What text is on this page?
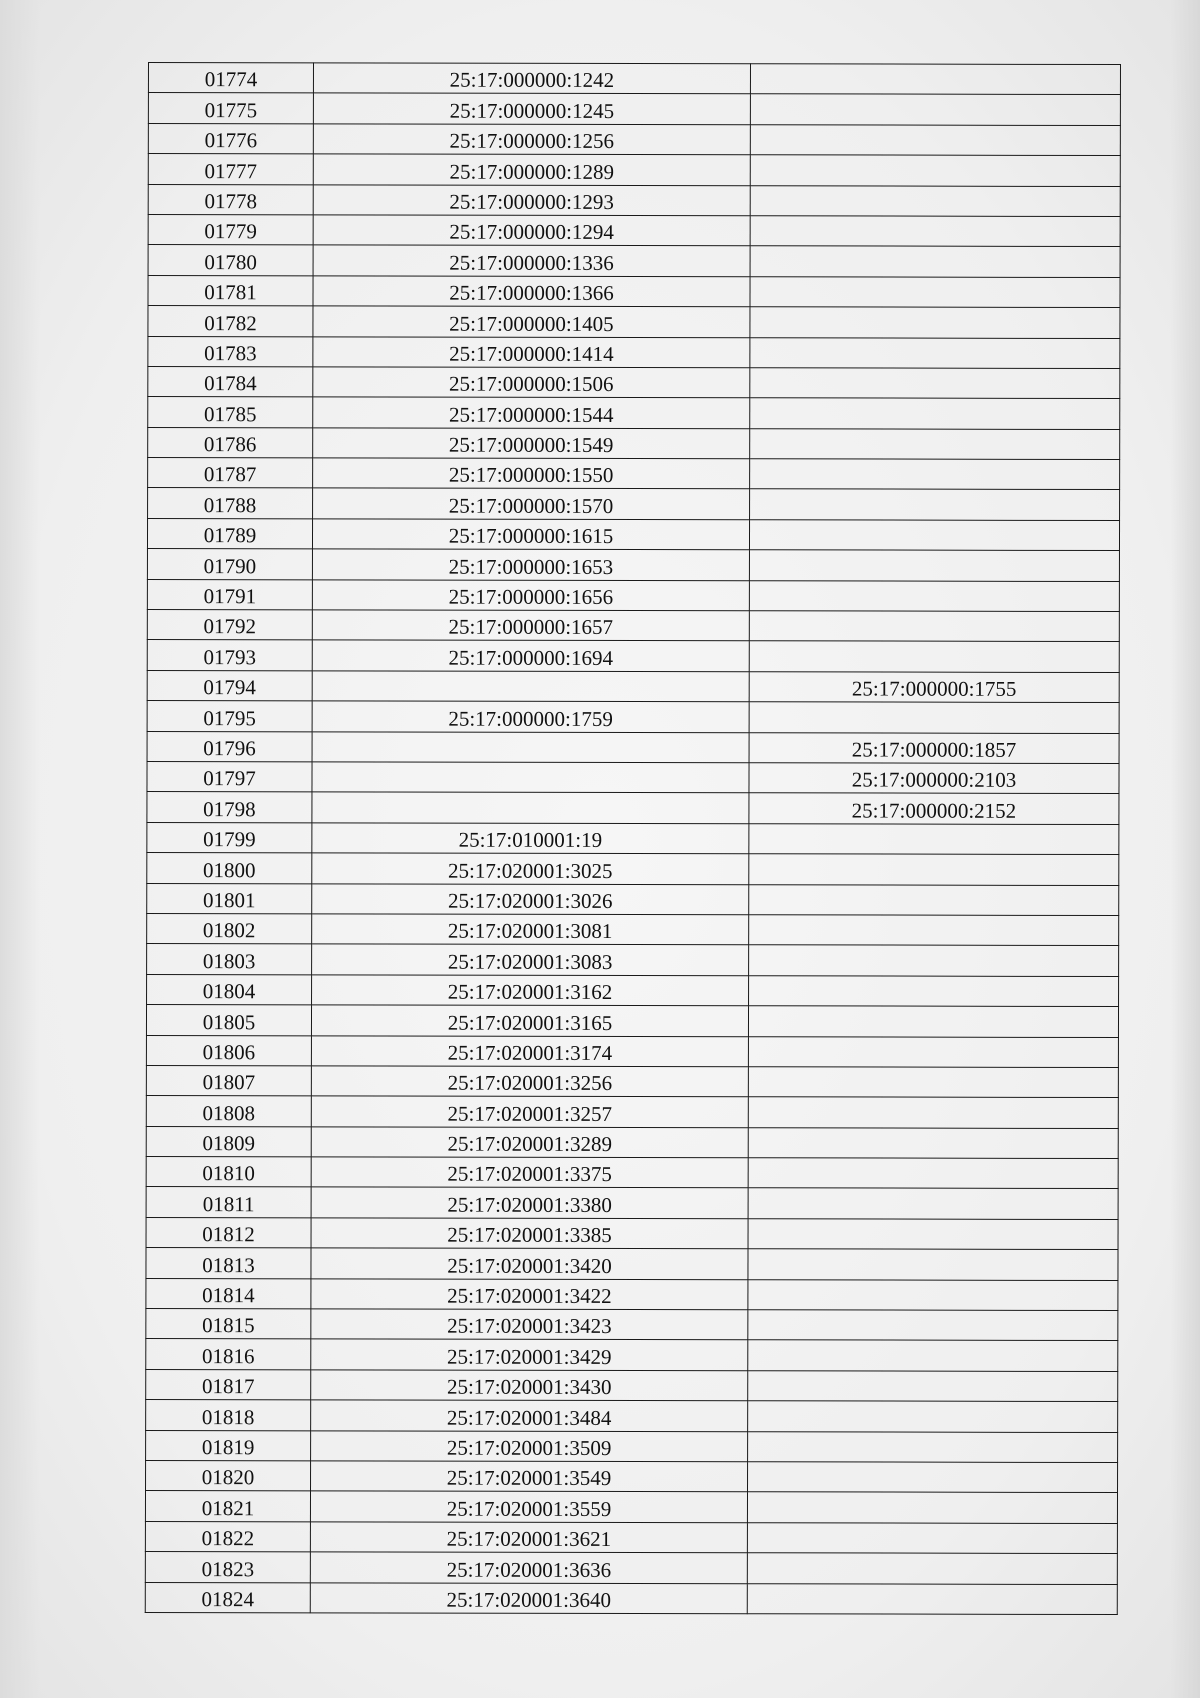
01774	25:17:000000:1242	
01775	25:17:000000:1245	
01776	25:17:000000:1256	
01777	25:17:000000:1289	
01778	25:17:000000:1293	
01779	25:17:000000:1294	
01780	25:17:000000:1336	
01781	25:17:000000:1366	
01782	25:17:000000:1405	
01783	25:17:000000:1414	
01784	25:17:000000:1506	
01785	25:17:000000:1544	
01786	25:17:000000:1549	
01787	25:17:000000:1550	
01788	25:17:000000:1570	
01789	25:17:000000:1615	
01790	25:17:000000:1653	
01791	25:17:000000:1656	
01792	25:17:000000:1657	
01793	25:17:000000:1694	
01794		25:17:000000:1755
01795	25:17:000000:1759	
01796		25:17:000000:1857
01797		25:17:000000:2103
01798		25:17:000000:2152
01799	25:17:010001:19	
01800	25:17:020001:3025	
01801	25:17:020001:3026	
01802	25:17:020001:3081	
01803	25:17:020001:3083	
01804	25:17:020001:3162	
01805	25:17:020001:3165	
01806	25:17:020001:3174	
01807	25:17:020001:3256	
01808	25:17:020001:3257	
01809	25:17:020001:3289	
01810	25:17:020001:3375	
01811	25:17:020001:3380	
01812	25:17:020001:3385	
01813	25:17:020001:3420	
01814	25:17:020001:3422	
01815	25:17:020001:3423	
01816	25:17:020001:3429	
01817	25:17:020001:3430	
01818	25:17:020001:3484	
01819	25:17:020001:3509	
01820	25:17:020001:3549	
01821	25:17:020001:3559	
01822	25:17:020001:3621	
01823	25:17:020001:3636	
01824	25:17:020001:3640	
